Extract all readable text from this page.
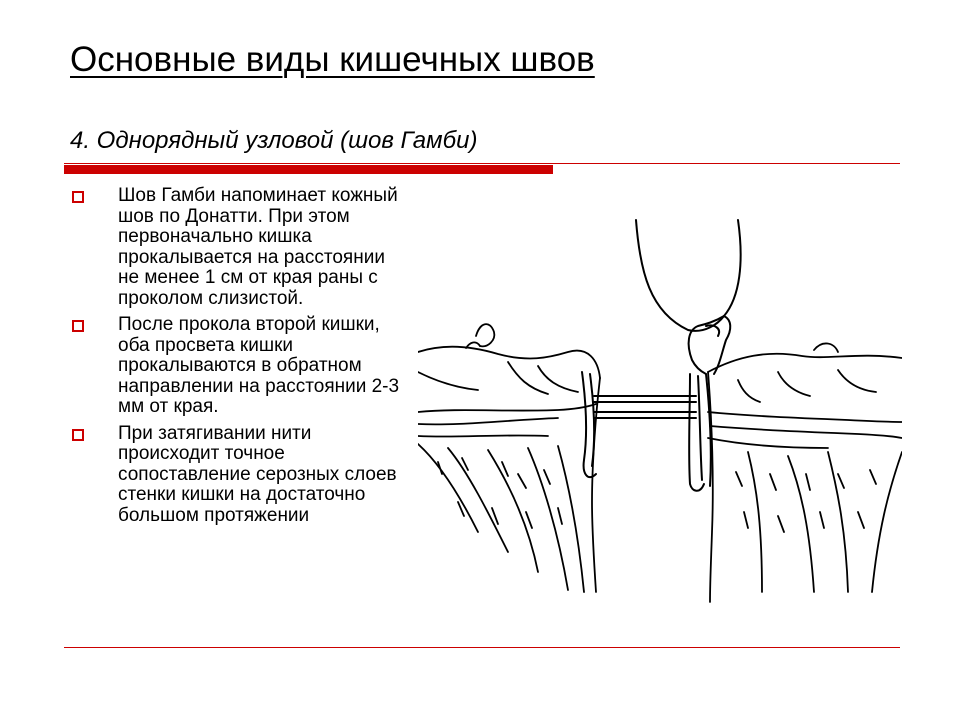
Основные виды кишечных швов
4. Однорядный узловой (шов Гамби)
Шов Гамби напоминает кожный шов по Донатти. При этом первоначально кишка прокалывается на расстоянии не менее 1 см от края раны с проколом слизистой.
После прокола второй кишки, оба просвета кишки прокалываются в обратном направлении на расстоянии 2-3 мм от края.
При затягивании нити происходит точное сопоставление серозных слоев стенки кишки на достаточно большом протяжении
